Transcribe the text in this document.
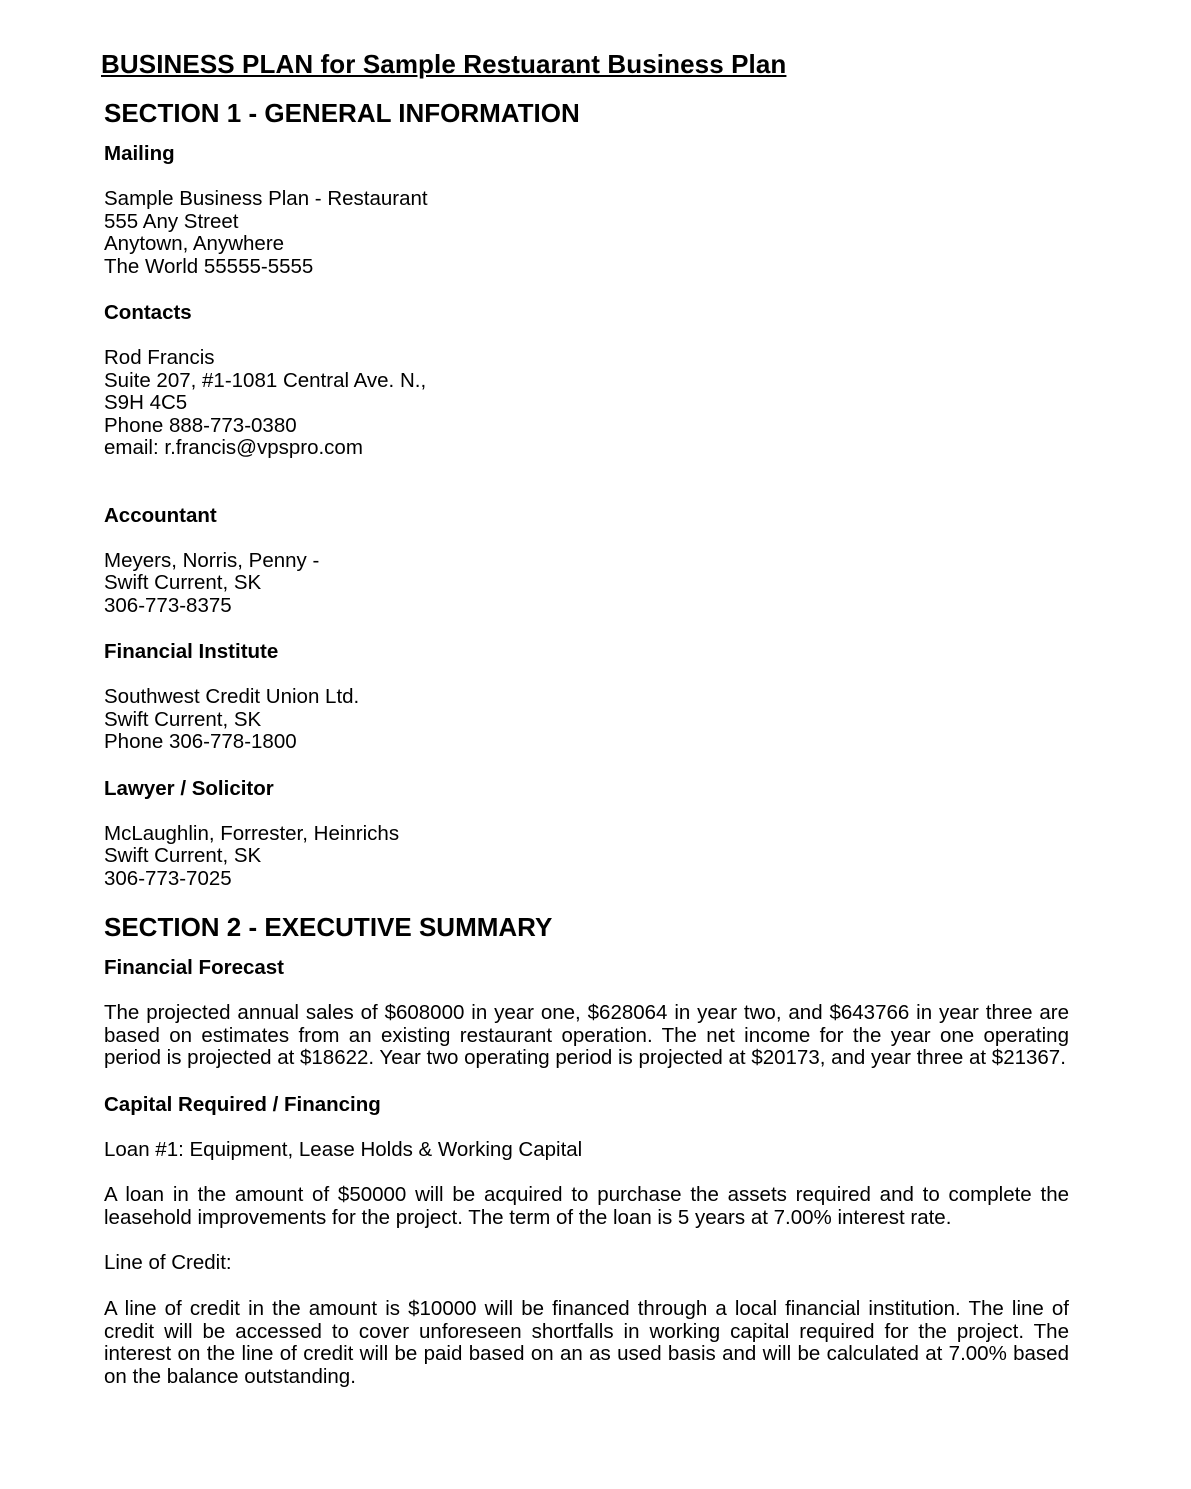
BUSINESS PLAN for Sample Restuarant Business Plan
SECTION 1 - GENERAL INFORMATION
Mailing

Sample Business Plan - Restaurant

555 Any Street

Anytown, Anywhere

The World 55555-5555

Contacts

Rod Francis

Suite 207, #1-1081 Central Ave. N.,

S9H 4C5

Phone 888-773-0380

email: r.francis@vpspro.com

Accountant

Meyers, Norris, Penny -

Swift Current, SK

306-773-8375

Financial Institute

Southwest Credit Union Ltd.

Swift Current, SK

Phone 306-778-1800

Lawyer / Solicitor

McLaughlin, Forrester, Heinrichs

Swift Current, SK

306-773-7025

SECTION 2 - EXECUTIVE SUMMARY
Financial Forecast

The projected annual sales of $608000 in year one, $628064 in year two, and $643766 in year three are based on estimates from an existing restaurant operation. The net income for the year one operating period is projected at $18622. Year two operating period is projected at $20173, and year three at $21367.

Capital Required / Financing

Loan #1: Equipment, Lease Holds & Working Capital

A loan in the amount of $50000 will be acquired to purchase the assets required and to complete the leasehold improvements for the project. The term of the loan is 5 years at 7.00% interest rate.

Line of Credit:

A line of credit in the amount is $10000 will be financed through a local financial institution. The line of credit will be accessed to cover unforeseen shortfalls in working capital required for the project. The interest on the line of credit will be paid based on an as used basis and will be calculated at 7.00% based on the balance outstanding.
